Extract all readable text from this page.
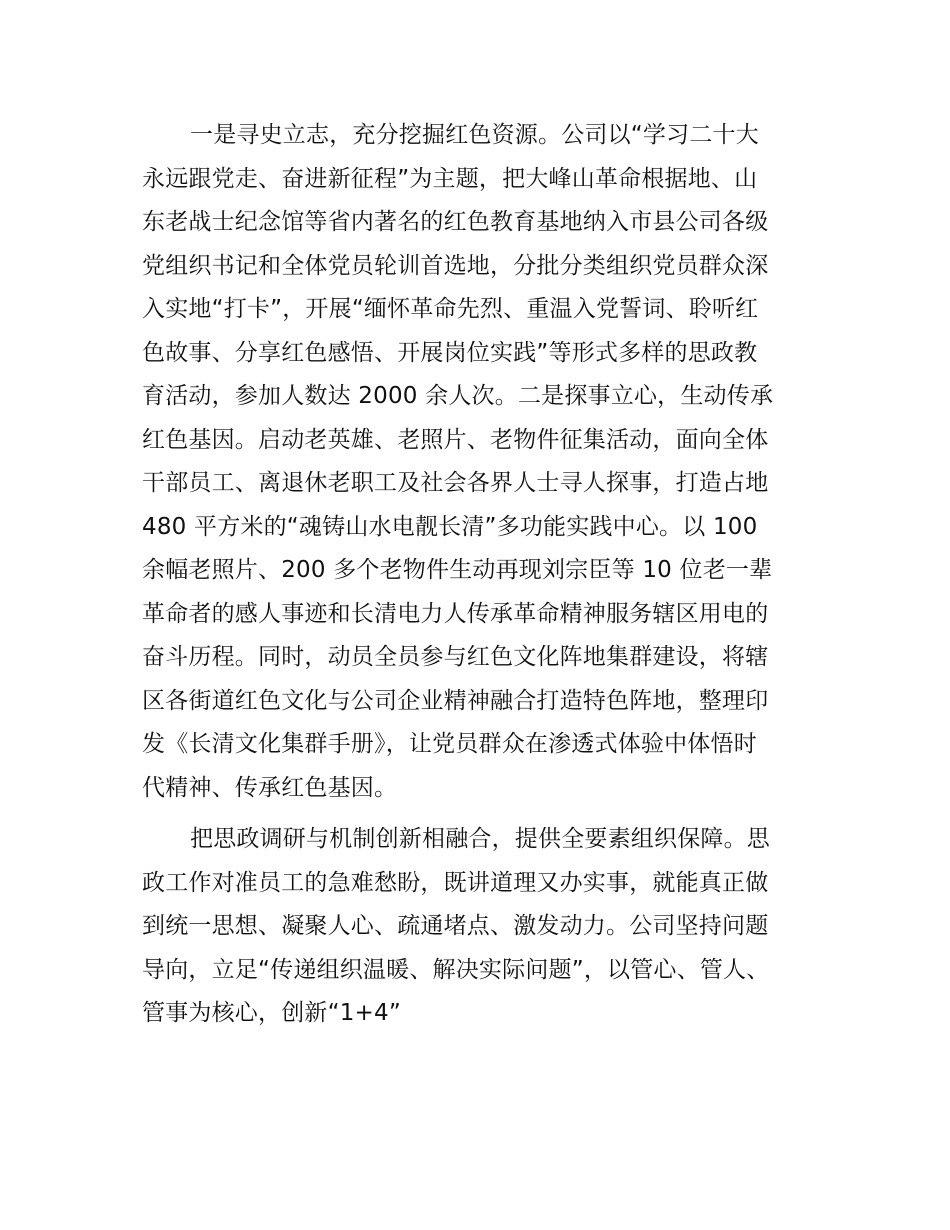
一是寻史立志，充分挖掘红色资源。公司以“学习二十大
永远跟党走、奋进新征程”为主题，把大峰山革命根据地、山
东老战士纪念馆等省内著名的红色教育基地纳入市县公司各级
党组织书记和全体党员轮训首选地，分批分类组织党员群众深
入实地“打卡”，开展“缅怀革命先烈、重温入党誓词、聆听红
色故事、分享红色感悟、开展岗位实践”等形式多样的思政教
育活动，参加人数达 2000 余人次。二是探事立心，生动传承
红色基因。启动老英雄、老照片、老物件征集活动，面向全体
干部员工、离退休老职工及社会各界人士寻人探事，打造占地
480 平方米的“魂铸山水电靓长清”多功能实践中心。以 100
余幅老照片、200 多个老物件生动再现刘宗臣等 10 位老一辈
革命者的感人事迹和长清电力人传承革命精神服务辖区用电的
奋斗历程。同时，动员全员参与红色文化阵地集群建设，将辖
区各街道红色文化与公司企业精神融合打造特色阵地，整理印
发《长清文化集群手册》，让党员群众在渗透式体验中体悟时
代精神、传承红色基因。
把思政调研与机制创新相融合，提供全要素组织保障。思
政工作对准员工的急难愁盼，既讲道理又办实事，就能真正做
到统一思想、凝聚人心、疏通堵点、激发动力。公司坚持问题
导向，立足“传递组织温暖、解决实际问题”，以管心、管人、
管事为核心，创新“1+4”
